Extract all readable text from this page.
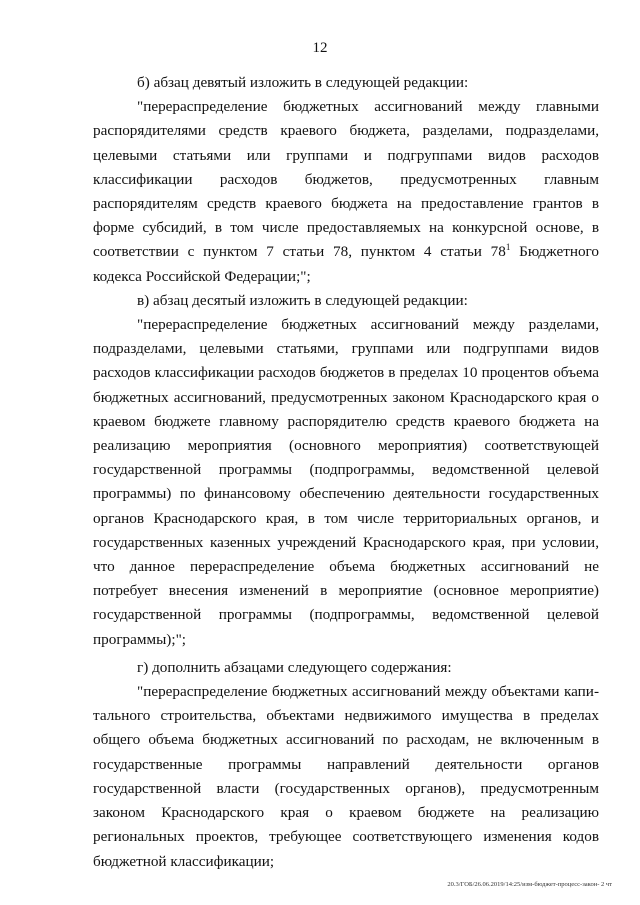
12

б) абзац девятый изложить в следующей редакции:

"перераспределение бюджетных ассигнований между главными распорядителями средств краевого бюджета, разделами, подразделами, целевыми статьями или группами и подгруппами видов расходов классификации расходов бюджетов, предусмотренных главным распорядителям средств краевого бюджета на предоставление грантов в форме субсидий, в том числе предоставляемых на конкурсной основе, в соответствии с пунктом 7 статьи 78, пунктом 4 статьи $78^1$ Бюджетного кодекса Российской Федерации;";

в) абзац десятый изложить в следующей редакции:

"перераспределение бюджетных ассигнований между разделами, подразделами, целевыми статьями, группами или подгруппами видов расходов классификации расходов бюджетов в пределах 10 процентов объема бюджетных ассигнований, предусмотренных законом Краснодарского края о краевом бюджете главному распорядителю средств краевого бюджета на реализацию мероприятия (основного мероприятия) соответствующей государственной программы (подпрограммы, ведомственной целевой программы) по финансовому обеспечению деятельности государственных органов Краснодарского края, в том числе территориальных органов, и государственных казенных учреждений Краснодарского края, при условии, что данное перераспределение объема бюджетных ассигнований не потребует внесения изменений в мероприятие (основное мероприятие) государственной программы (подпрограммы, ведомственной целевой программы);";

г) дополнить абзацами следующего содержания:

"перераспределение бюджетных ассигнований между объектами капитального строительства, объектами недвижимого имущества в пределах общего объема бюджетных ассигнований по расходам, не включенным в государственные программы направлений деятельности органов государственной власти (государственных органов), предусмотренным законом Краснодарского края о краевом бюджете на реализацию региональных проектов, требующее соответствующего изменения кодов бюджетной классификации;

20.3/ГОБ/26.06.2019/14:25/изм-бюджет-процесс-закон- 2 чт
